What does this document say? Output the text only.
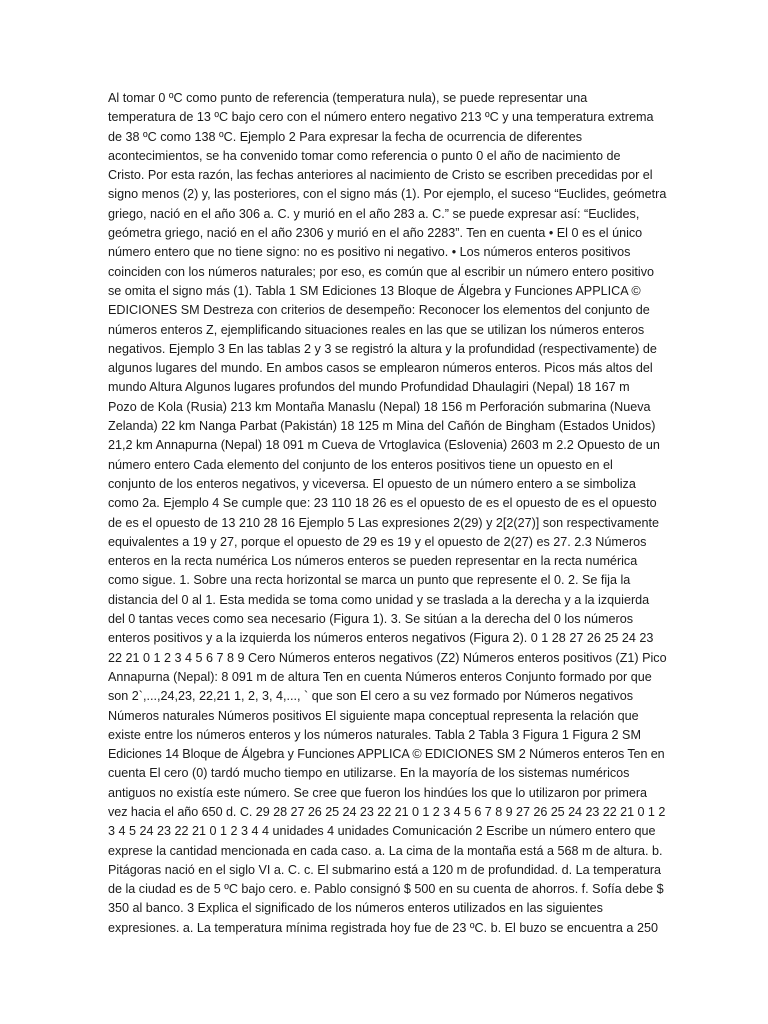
Al tomar 0 ºC como punto de referencia (temperatura nula), se puede representar una
temperatura de 13 ºC bajo cero con el número entero negativo 213 ºC y una temperatura extrema
de 38 ºC como 138 ºC. Ejemplo 2 Para expresar la fecha de ocurrencia de diferentes
acontecimientos, se ha convenido tomar como referencia o punto 0 el año de nacimiento de
Cristo. Por esta razón, las fechas anteriores al nacimiento de Cristo se escriben precedidas por el
signo menos (2) y, las posteriores, con el signo más (1). Por ejemplo, el suceso “Euclides, geómetra
griego, nació en el año 306 a. C. y murió en el año 283 a. C.” se puede expresar así: “Euclides,
geómetra griego, nació en el año 2306 y murió en el año 2283”. Ten en cuenta • El 0 es el único
número entero que no tiene signo: no es positivo ni negativo. • Los números enteros positivos
coinciden con los números naturales; por eso, es común que al escribir un número entero positivo
se omita el signo más (1). Tabla 1 SM Ediciones 13 Bloque de Álgebra y Funciones APPLICA ©
EDICIONES SM Destreza con criterios de desempeño: Reconocer los elementos del conjunto de
números enteros Z, ejemplificando situaciones reales en las que se utilizan los números enteros
negativos. Ejemplo 3 En las tablas 2 y 3 se registró la altura y la profundidad (respectivamente) de
algunos lugares del mundo. En ambos casos se emplearon números enteros. Picos más altos del
mundo Altura Algunos lugares profundos del mundo Profundidad Dhaulagiri (Nepal) 18 167 m
Pozo de Kola (Rusia) 213 km Montaña Manaslu (Nepal) 18 156 m Perforación submarina (Nueva
Zelanda) 22 km Nanga Parbat (Pakistán) 18 125 m Mina del Cañón de Bingham (Estados Unidos)
21,2 km Annapurna (Nepal) 18 091 m Cueva de Vrtoglavica (Eslovenia) 2603 m 2.2 Opuesto de un
número entero Cada elemento del conjunto de los enteros positivos tiene un opuesto en el
conjunto de los enteros negativos, y viceversa. El opuesto de un número entero a se simboliza
como 2a. Ejemplo 4 Se cumple que: 23 110 18 26 es el opuesto de es el opuesto de es el opuesto
de es el opuesto de 13 210 28 16 Ejemplo 5 Las expresiones 2(29) y 2[2(27)] son respectivamente
equivalentes a 19 y 27, porque el opuesto de 29 es 19 y el opuesto de 2(27) es 27. 2.3 Números
enteros en la recta numérica Los números enteros se pueden representar en la recta numérica
como sigue. 1. Sobre una recta horizontal se marca un punto que represente el 0. 2. Se fija la
distancia del 0 al 1. Esta medida se toma como unidad y se traslada a la derecha y a la izquierda
del 0 tantas veces como sea necesario (Figura 1). 3. Se sitúan a la derecha del 0 los números
enteros positivos y a la izquierda los números enteros negativos (Figura 2). 0 1 28 27 26 25 24 23
22 21 0 1 2 3 4 5 6 7 8 9 Cero Números enteros negativos (Z2) Números enteros positivos (Z1) Pico
Annapurna (Nepal): 8 091 m de altura Ten en cuenta Números enteros Conjunto formado por que
son 2`,...,24,23, 22,21 1, 2, 3, 4,..., ` que son El cero a su vez formado por Números negativos
Números naturales Números positivos El siguiente mapa conceptual representa la relación que
existe entre los números enteros y los números naturales. Tabla 2 Tabla 3 Figura 1 Figura 2 SM
Ediciones 14 Bloque de Álgebra y Funciones APPLICA © EDICIONES SM 2 Números enteros Ten en
cuenta El cero (0) tardó mucho tiempo en utilizarse. En la mayoría de los sistemas numéricos
antiguos no existía este número. Se cree que fueron los hindúes los que lo utilizaron por primera
vez hacia el año 650 d. C. 29 28 27 26 25 24 23 22 21 0 1 2 3 4 5 6 7 8 9 27 26 25 24 23 22 21 0 1 2
3 4 5 24 23 22 21 0 1 2 3 4 4 unidades 4 unidades Comunicación 2 Escribe un número entero que
exprese la cantidad mencionada en cada caso. a. La cima de la montaña está a 568 m de altura. b.
Pitágoras nació en el siglo VI a. C. c. El submarino está a 120 m de profundidad. d. La temperatura
de la ciudad es de 5 ºC bajo cero. e. Pablo consignó $ 500 en su cuenta de ahorros. f. Sofía debe $
350 al banco. 3 Explica el significado de los números enteros utilizados en las siguientes
expresiones. a. La temperatura mínima registrada hoy fue de 23 ºC. b. El buzo se encuentra a 250
